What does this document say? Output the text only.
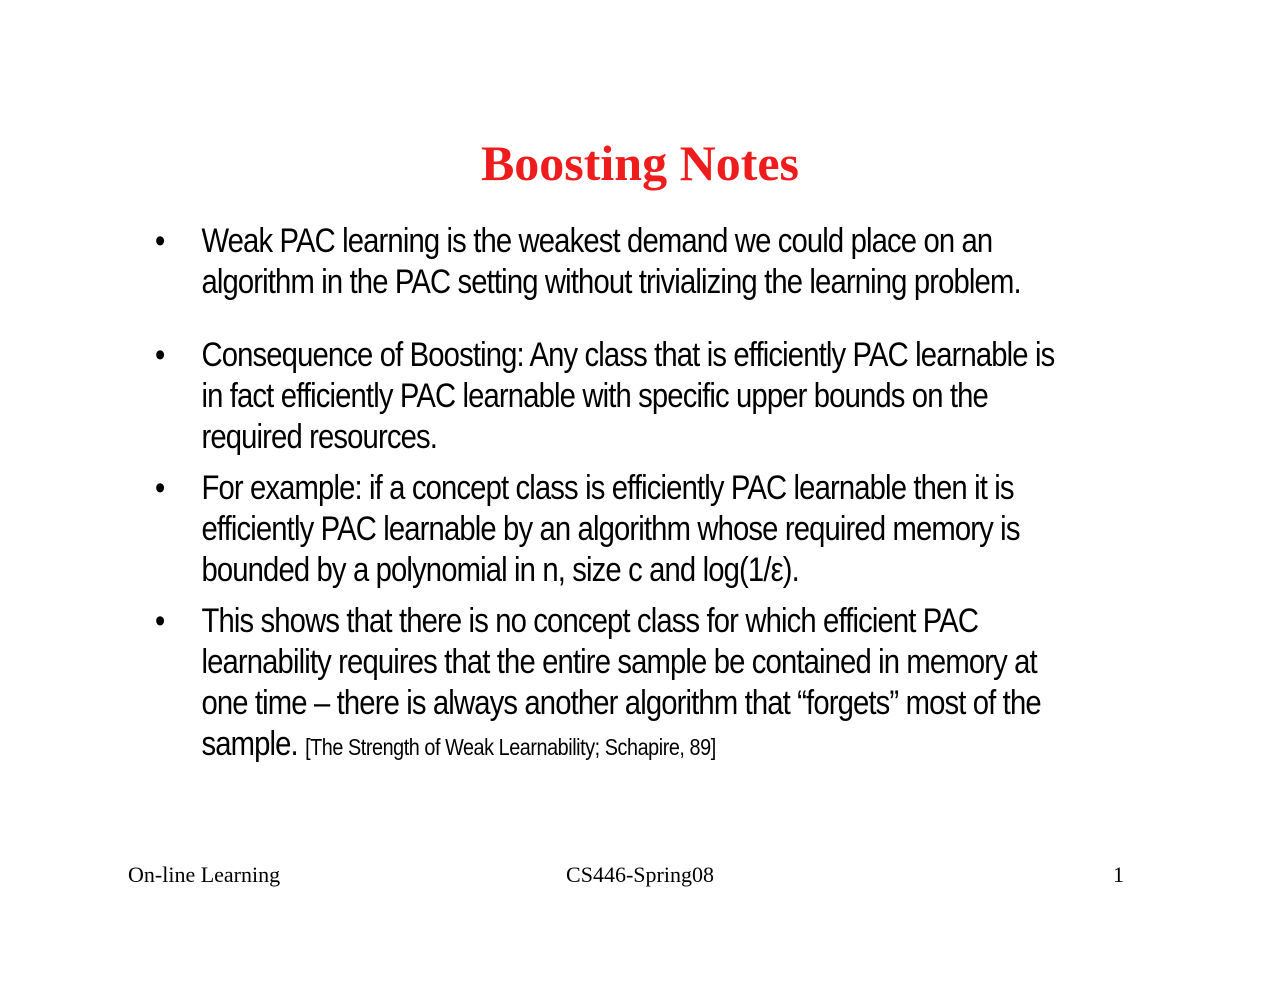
Boosting Notes
•	Weak PAC learning is the weakest demand we could place on an algorithm in the PAC setting without trivializing the learning problem.
•	Consequence of Boosting: Any class that is efficiently PAC learnable is in fact efficiently PAC learnable with specific upper bounds on the required resources.
•	For example: if a concept class is efficiently PAC learnable then it is efficiently PAC learnable by an algorithm whose required memory is bounded by a polynomial in n, size c and log(1/ε).
•	This shows that there is no concept class for which efficient PAC learnability requires that the entire sample be contained in memory at one time – there is always another algorithm that “forgets” most of the sample. [The Strength of Weak Learnability; Schapire, 89]
On-line Learning	CS446-Spring08	1
